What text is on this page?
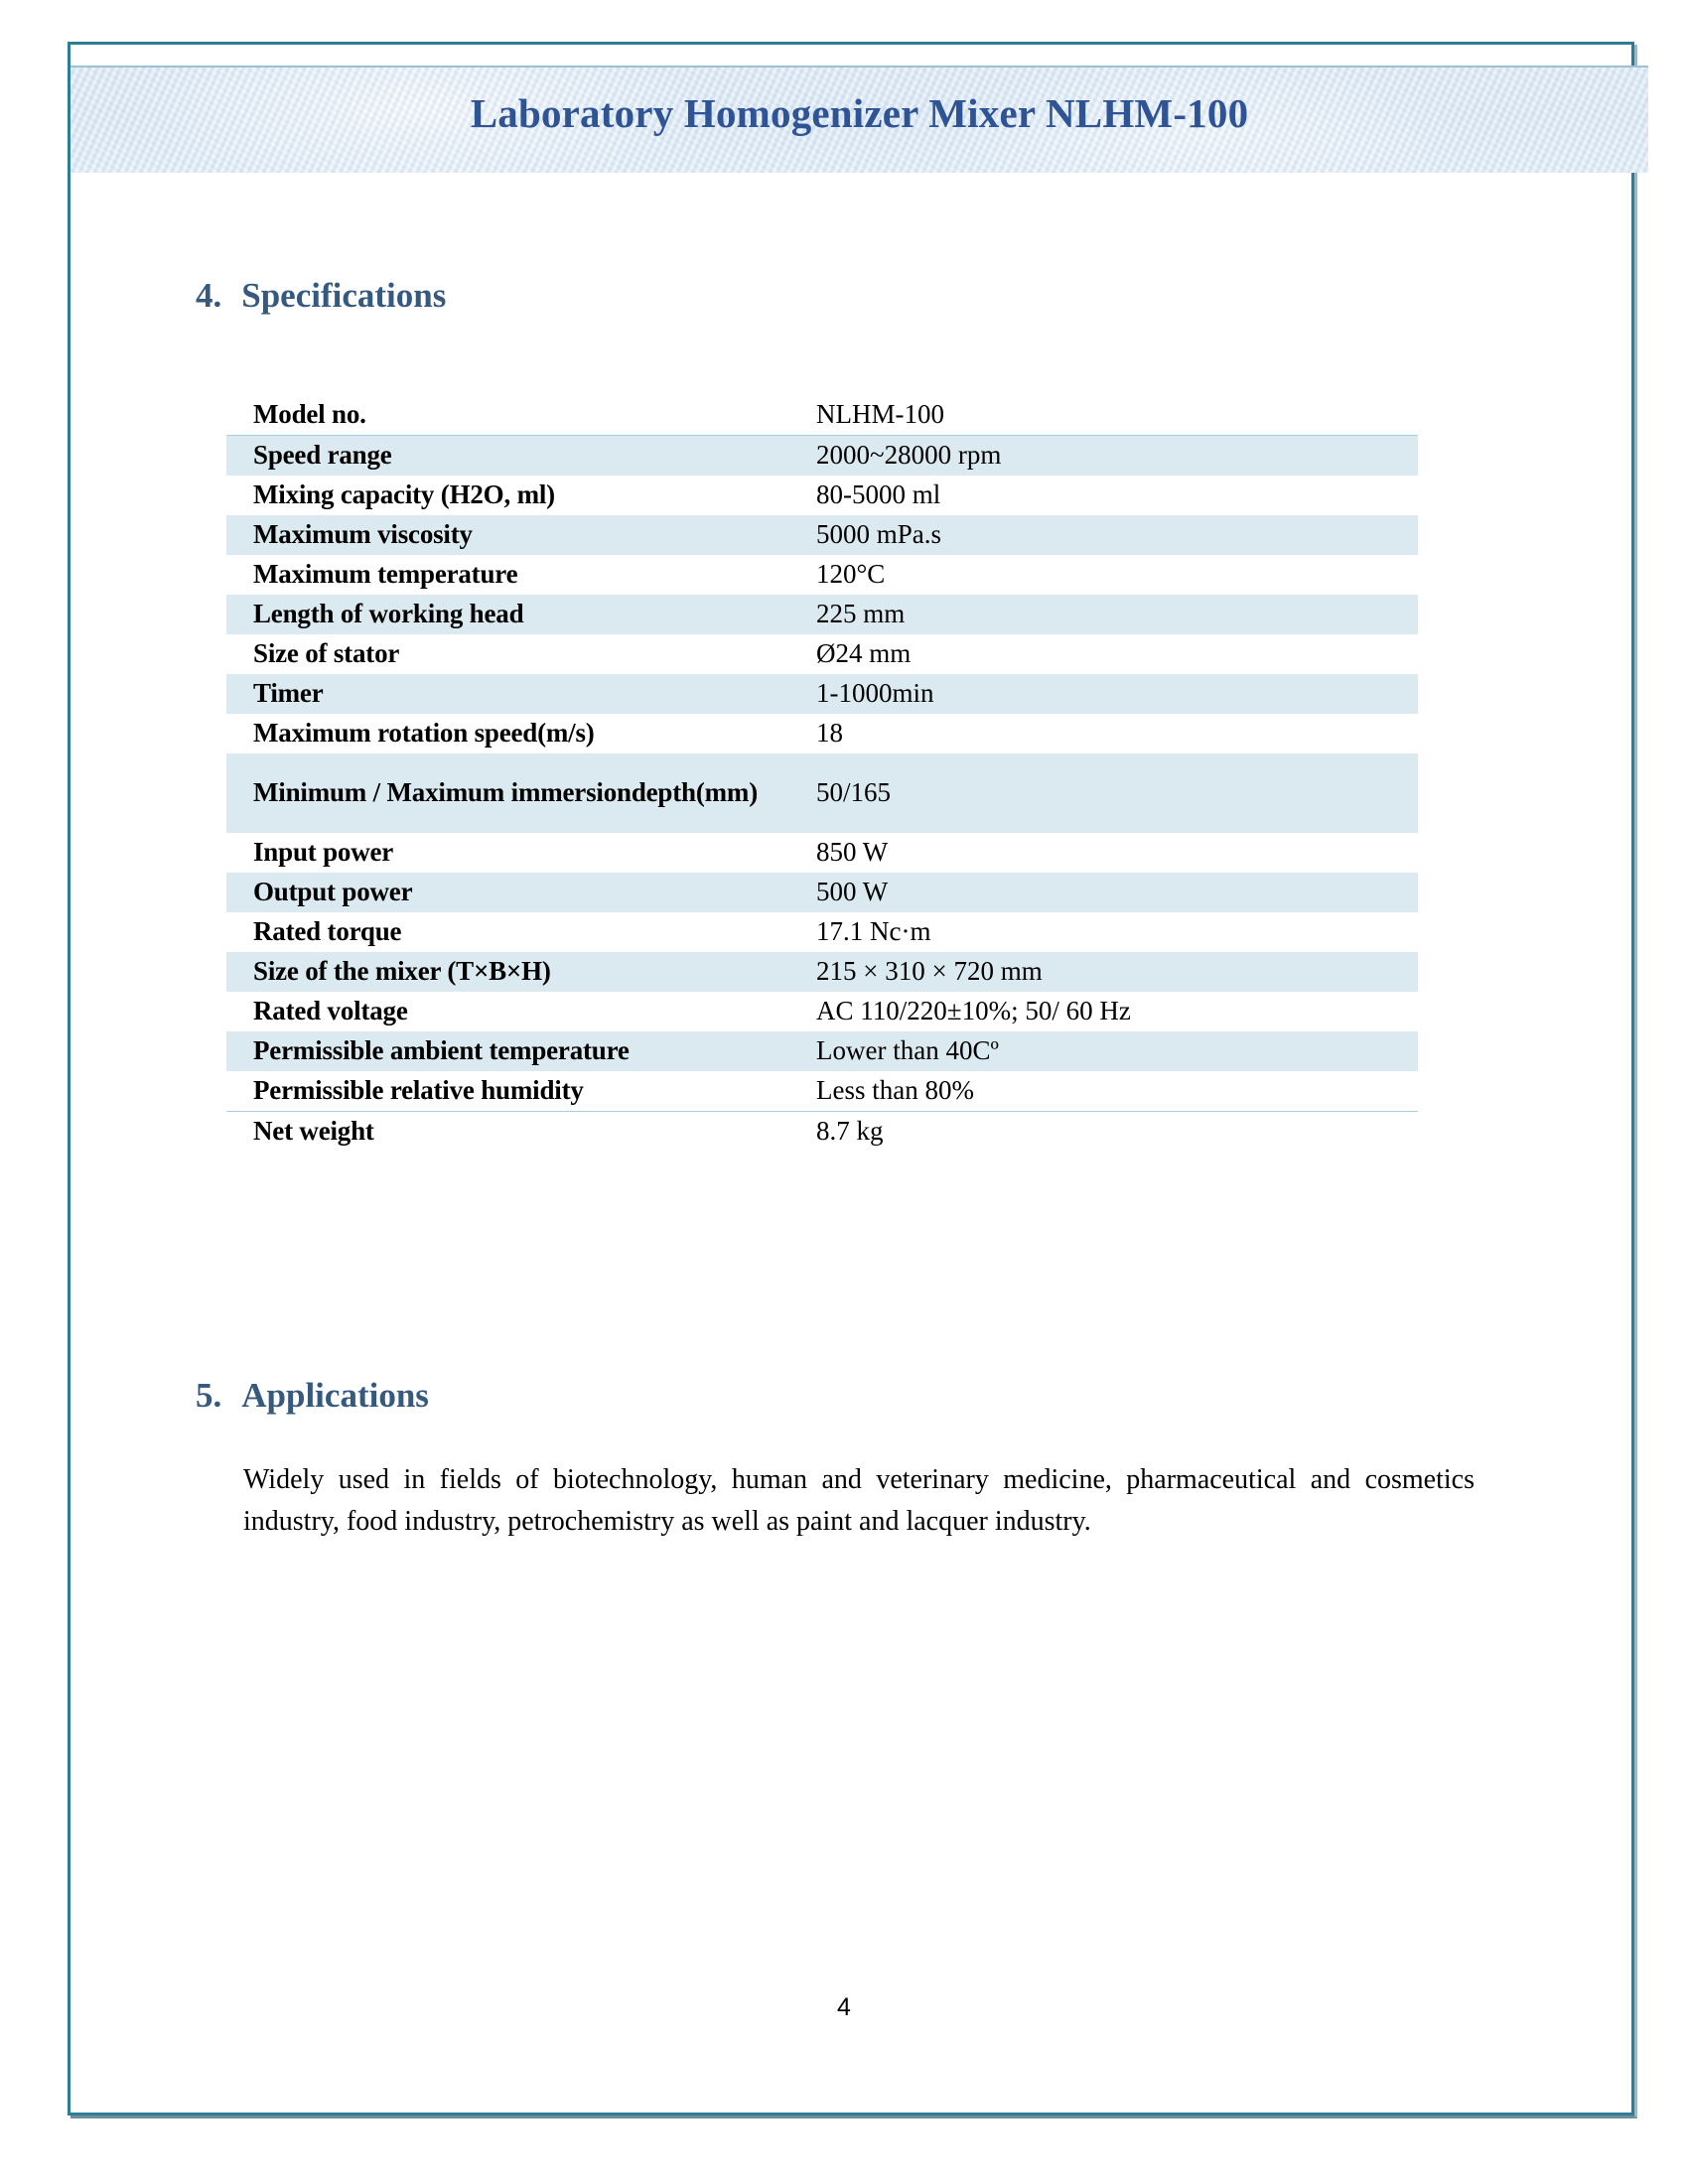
Laboratory Homogenizer Mixer NLHM-100
4. Specifications
Model no.	NLHM-100
Speed range	2000~28000 rpm
Mixing capacity (H2O, ml)	80-5000 ml
Maximum viscosity	5000 mPa.s
Maximum temperature	120°C
Length of working head	225 mm
Size of stator	Ø24 mm
Timer	1-1000min
Maximum rotation speed(m/s)	18
Minimum / Maximum immersiondepth(mm)	50/165
Input power	850 W
Output power	500 W
Rated torque	17.1 Nc·m
Size of the mixer (T×B×H)	215 × 310 × 720 mm
Rated voltage	AC 110/220±10%; 50/ 60 Hz
Permissible ambient temperature	Lower than 40Cº
Permissible relative humidity	Less than 80%
Net weight	8.7 kg
5. Applications
Widely used in fields of biotechnology, human and veterinary medicine, pharmaceutical and cosmetics industry, food industry, petrochemistry as well as paint and lacquer industry.
4
